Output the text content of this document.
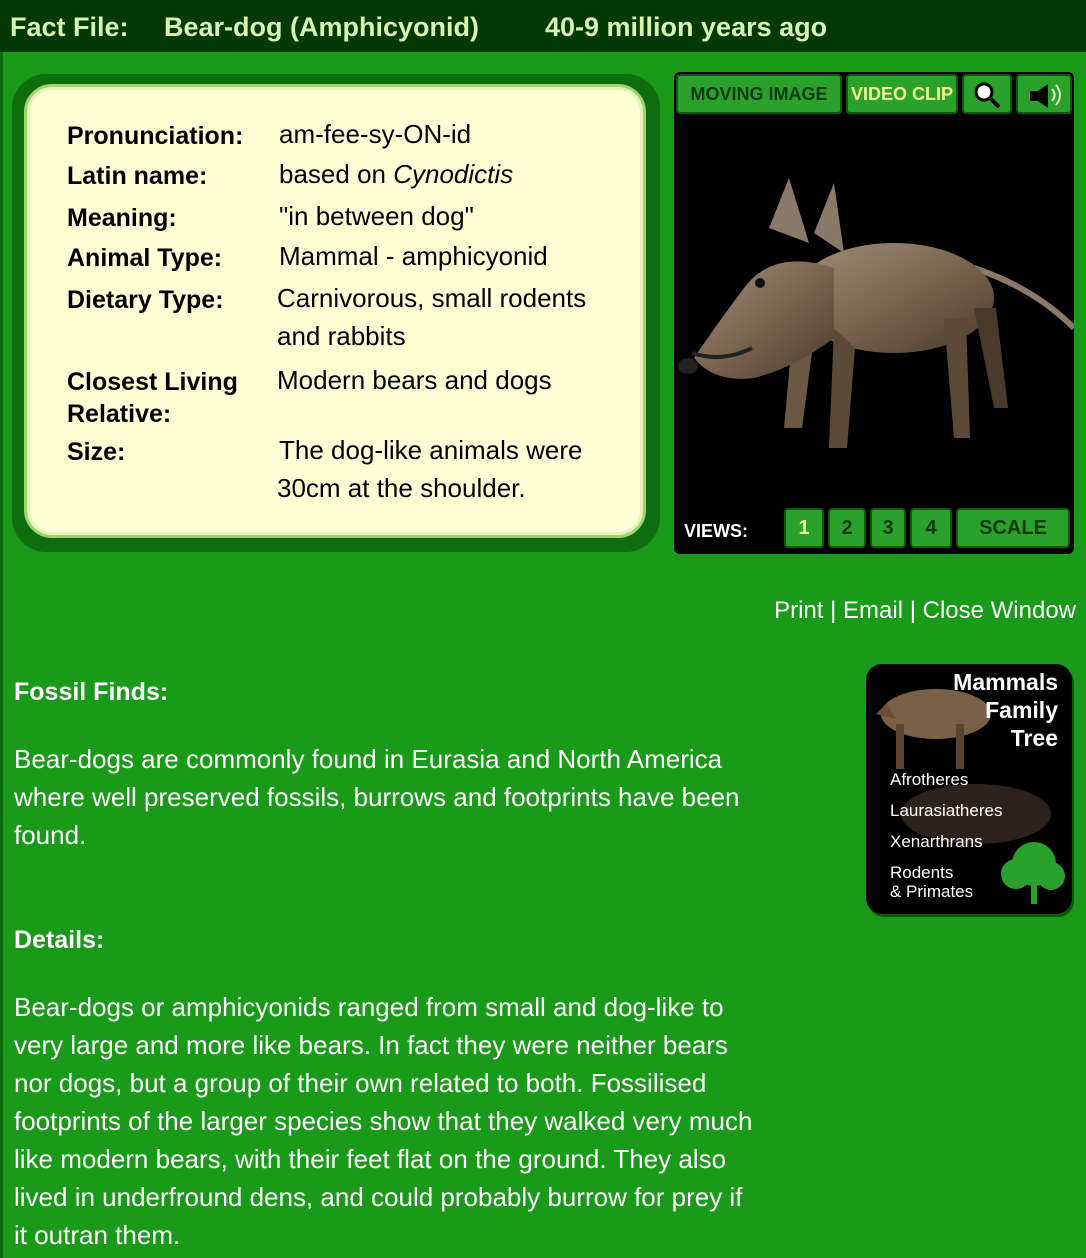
Fact File: Bear-dog (Amphicyonid) 40-9 million years ago
Pronunciation: am-fee-sy-ON-id
Latin name:	based on Cynodictis
Meaning:	"in between dog"
Animal Type: Mammal - amphicyonid
Dietary Type: Carnivorous, small rodents
and rabbits
Closest Living
Relative:
Modern bears and dogs
Size:	The dog-like animals were
30cm at the shoulder.
MOVING IMAGE	VIDEO CLIP
VIEWS:	1	2	3	4	SCALE
Print | Email | Close Window
Fossil Finds:
Bear-dogs are commonly found in Eurasia and North America
where well preserved fossils, burrows and footprints have been
found.
Details:
Bear-dogs or amphicyonids ranged from small and dog-like to
very large and more like bears. In fact they were neither bears
nor dogs, but a group of their own related to both. Fossilised
footprints of the larger species show that they walked very much
like modern bears, with their feet flat on the ground. They also
lived in underfround dens, and could probably burrow for prey if
it outran them.
Mammals
Family
Tree
Afrotheres
Laurasiatheres
Xenarthrans
Rodents
& Primates
